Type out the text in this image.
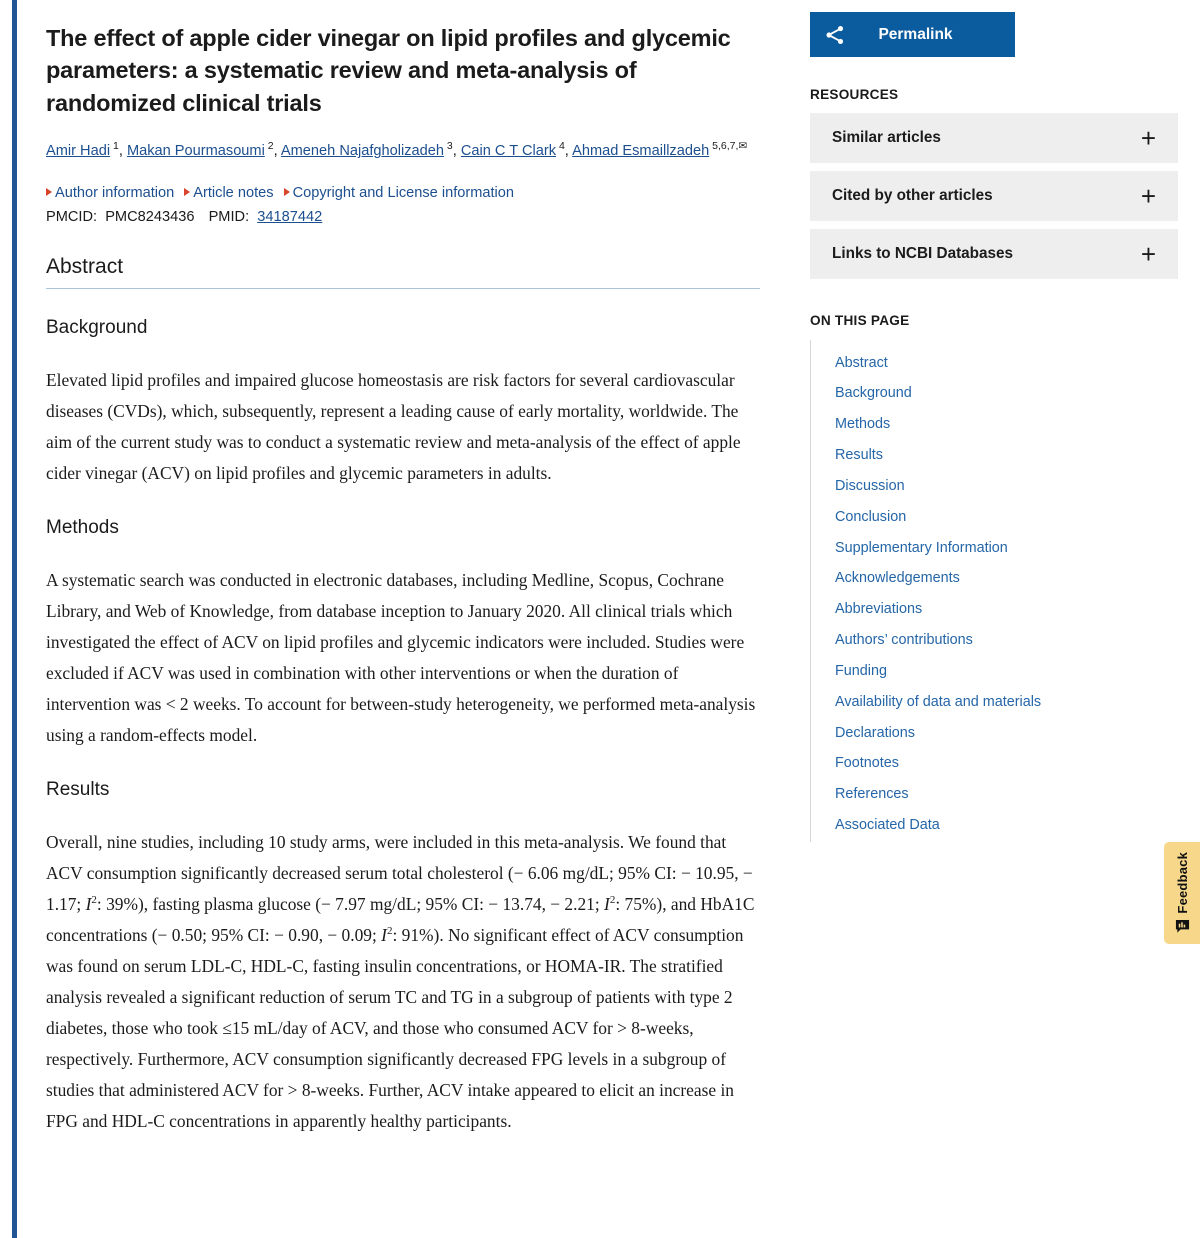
The effect of apple cider vinegar on lipid profiles and glycemic parameters: a systematic review and meta-analysis of randomized clinical trials
Amir Hadi $^1$, Makan Pourmasoumi $^2$, Ameneh Najafgholizadeh $^3$, Cain C T Clark $^4$, Ahmad Esmaillzadeh $^{5,6,7,✉}$
Author information Article notes Copyright and License information
PMCID: PMC8243436 PMID: 34187442
Abstract
Background

Elevated lipid profiles and impaired glucose homeostasis are risk factors for several cardiovascular diseases (CVDs), which, subsequently, represent a leading cause of early mortality, worldwide. The aim of the current study was to conduct a systematic review and meta-analysis of the effect of apple cider vinegar (ACV) on lipid profiles and glycemic parameters in adults.

Methods

A systematic search was conducted in electronic databases, including Medline, Scopus, Cochrane Library, and Web of Knowledge, from database inception to January 2020. All clinical trials which investigated the effect of ACV on lipid profiles and glycemic indicators were included. Studies were excluded if ACV was used in combination with other interventions or when the duration of intervention was < 2 weeks. To account for between-study heterogeneity, we performed meta-analysis using a random-effects model.

Results

Overall, nine studies, including 10 study arms, were included in this meta-analysis. We found that ACV consumption significantly decreased serum total cholesterol (− 6.06 mg/dL; 95% CI: − 10.95, − 1.17; $I^2$: 39%), fasting plasma glucose (− 7.97 mg/dL; 95% CI: − 13.74, − 2.21; $I^2$: 75%), and HbA1C concentrations (− 0.50; 95% CI: − 0.90, − 0.09; $I^2$: 91%). No significant effect of ACV consumption was found on serum LDL-C, HDL-C, fasting insulin concentrations, or HOMA-IR. The stratified analysis revealed a significant reduction of serum TC and TG in a subgroup of patients with type 2 diabetes, those who took ≤15 mL/day of ACV, and those who consumed ACV for > 8-weeks, respectively. Furthermore, ACV consumption significantly decreased FPG levels in a subgroup of studies that administered ACV for > 8-weeks. Further, ACV intake appeared to elicit an increase in FPG and HDL-C concentrations in apparently healthy participants.

Permalink
RESOURCES
Similar articles	+
Cited by other articles	+
Links to NCBI Databases	+
ON THIS PAGE
Abstract
Background
Methods
Results
Discussion
Conclusion
Supplementary Information
Acknowledgements
Abbreviations
Authors’ contributions
Funding
Availability of data and materials
Declarations
Footnotes
References
Associated Data
Feedback
